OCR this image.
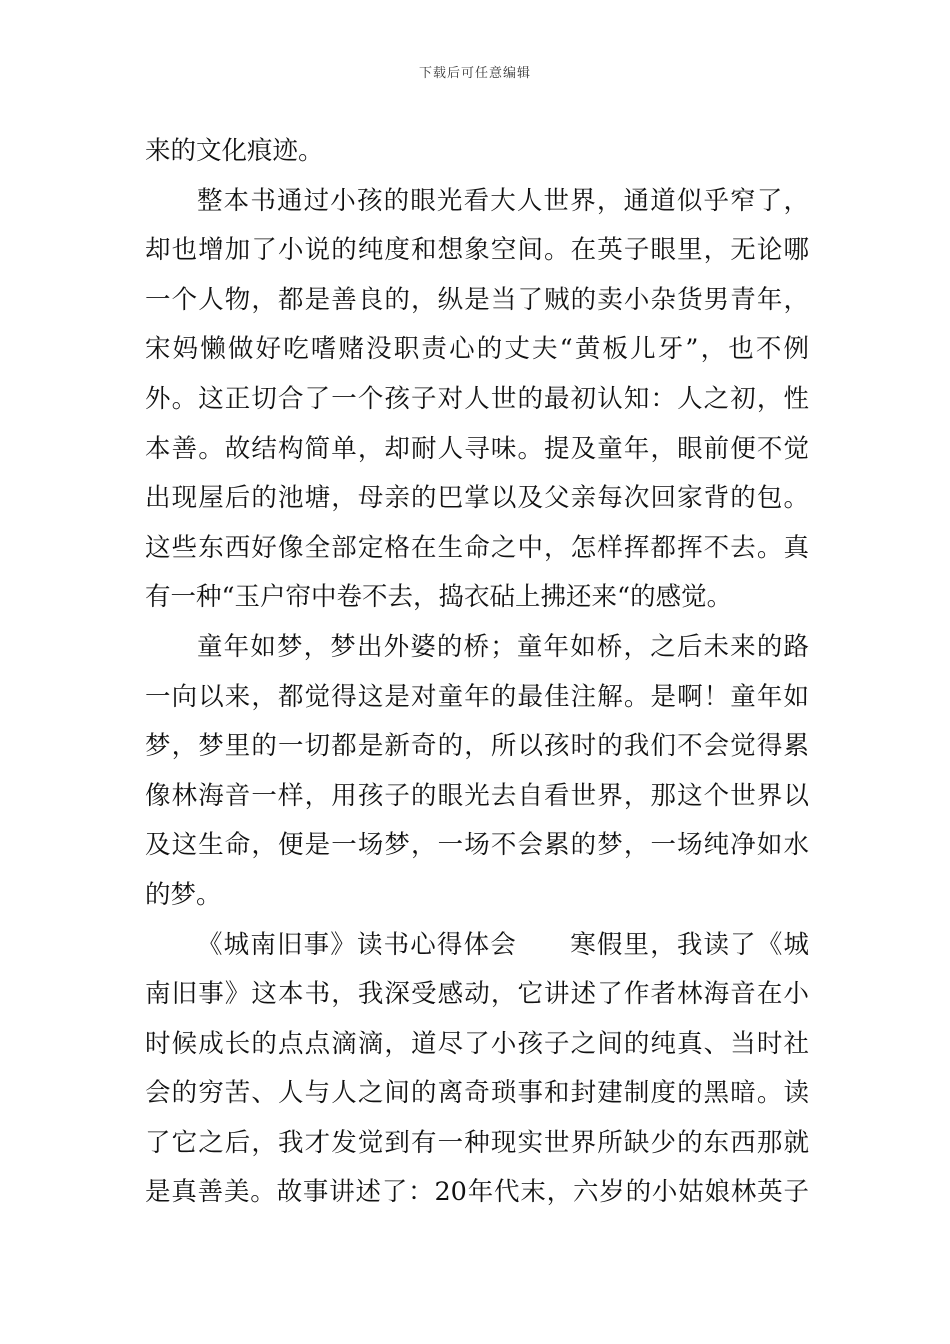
下载后可任意编辑
来的文化痕迹。
整本书通过小孩的眼光看大人世界，通道似乎窄了，
却也增加了小说的纯度和想象空间。在英子眼里，无论哪
一个人物，都是善良的，纵是当了贼的卖小杂货男青年，
宋妈懒做好吃嗜赌没职责心的丈夫“黄板儿牙”，也不例
外。这正切合了一个孩子对人世的最初认知：人之初，性
本善。故结构简单，却耐人寻味。提及童年，眼前便不觉
出现屋后的池塘，母亲的巴掌以及父亲每次回家背的包。
这些东西好像全部定格在生命之中，怎样挥都挥不去。真
有一种“玉户帘中卷不去，捣衣砧上拂还来“的感觉。
童年如梦，梦出外婆的桥；童年如桥，之后未来的路
一向以来，都觉得这是对童年的最佳注解。是啊！童年如
梦，梦里的一切都是新奇的，所以孩时的我们不会觉得累
像林海音一样，用孩子的眼光去自看世界，那这个世界以
及这生命，便是一场梦，一场不会累的梦，一场纯净如水
的梦。
《城南旧事》读书心得体会　　寒假里，我读了《城
南旧事》这本书，我深受感动，它讲述了作者林海音在小
时候成长的点点滴滴，道尽了小孩子之间的纯真、当时社
会的穷苦、人与人之间的离奇琐事和封建制度的黑暗。读
了它之后，我才发觉到有一种现实世界所缺少的东西那就
是真善美。故事讲述了：20年代末，六岁的小姑娘林英子
